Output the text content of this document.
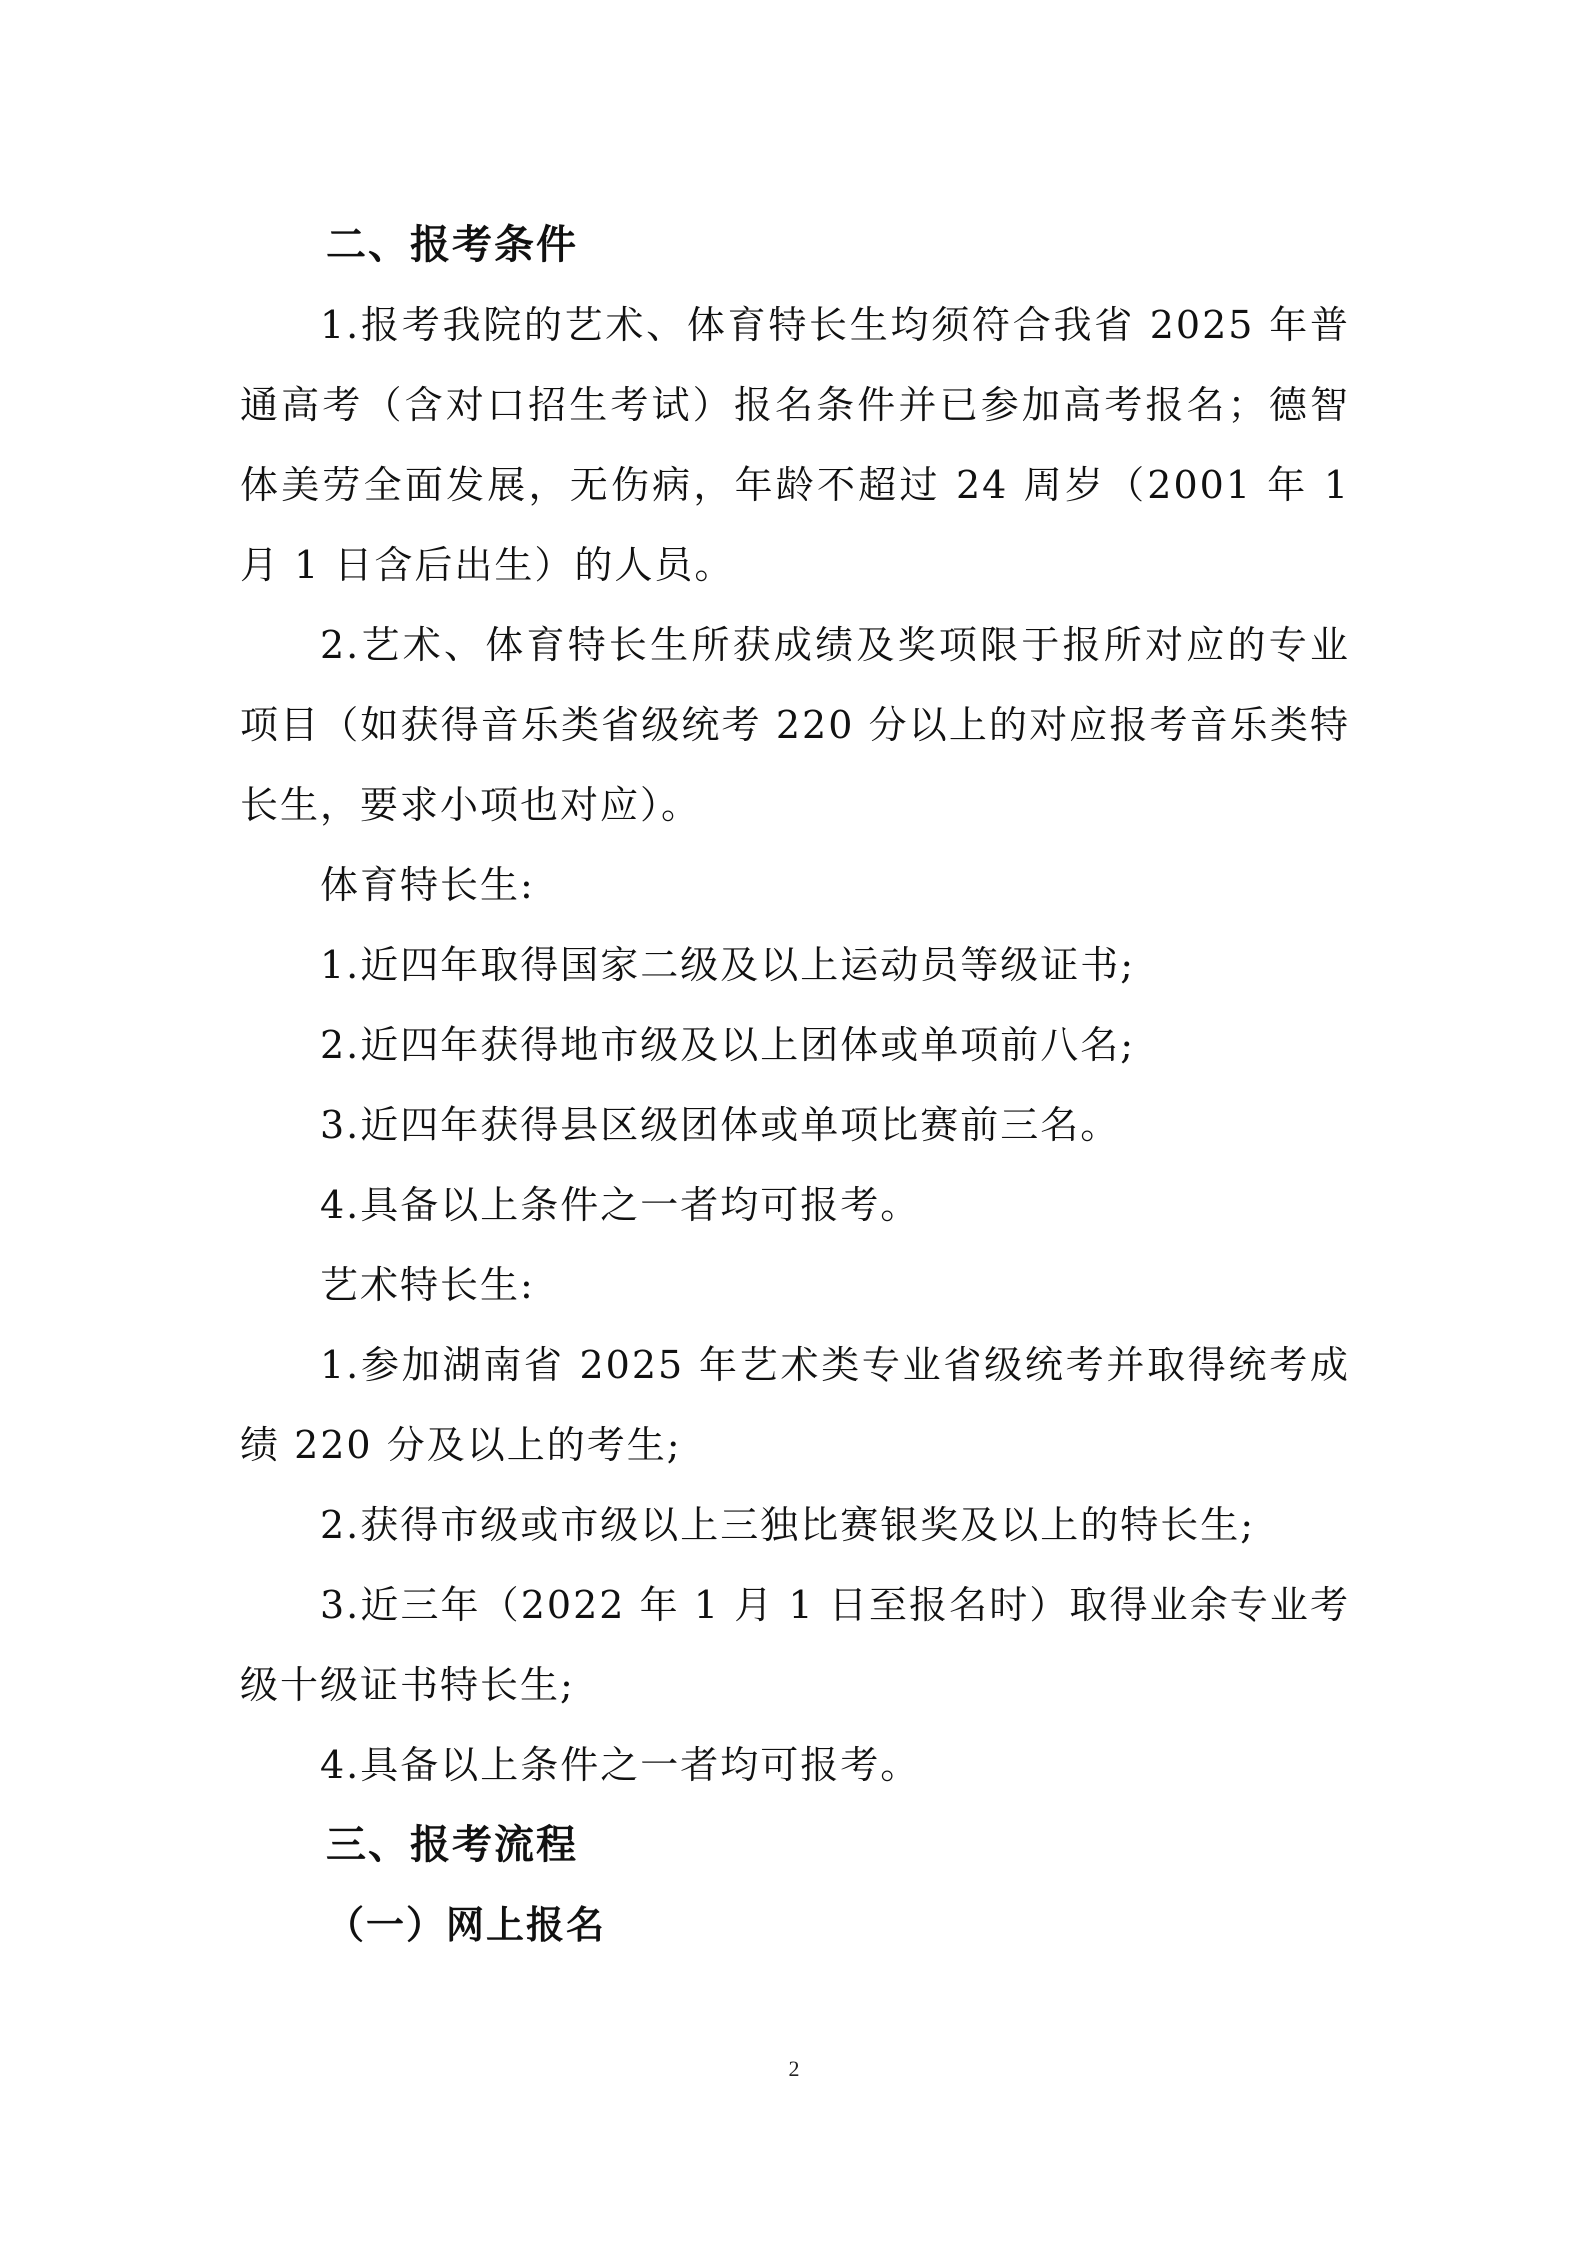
二、报考条件

1.报考我院的艺术、体育特长生均须符合我省 2025 年普通高考（含对口招生考试）报名条件并已参加高考报名；德智体美劳全面发展，无伤病，年龄不超过 24 周岁（2001 年 1 月 1 日含后出生）的人员。

2.艺术、体育特长生所获成绩及奖项限于报所对应的专业项目（如获得音乐类省级统考 220 分以上的对应报考音乐类特长生，要求小项也对应）。

体育特长生:

1.近四年取得国家二级及以上运动员等级证书;

2.近四年获得地市级及以上团体或单项前八名;

3.近四年获得县区级团体或单项比赛前三名。

4.具备以上条件之一者均可报考。

艺术特长生:

1.参加湖南省 2025 年艺术类专业省级统考并取得统考成绩 220 分及以上的考生;

2.获得市级或市级以上三独比赛银奖及以上的特长生;

3.近三年（2022 年 1 月 1 日至报名时）取得业余专业考级十级证书特长生;

4.具备以上条件之一者均可报考。

三、报考流程

（一）网上报名

2
